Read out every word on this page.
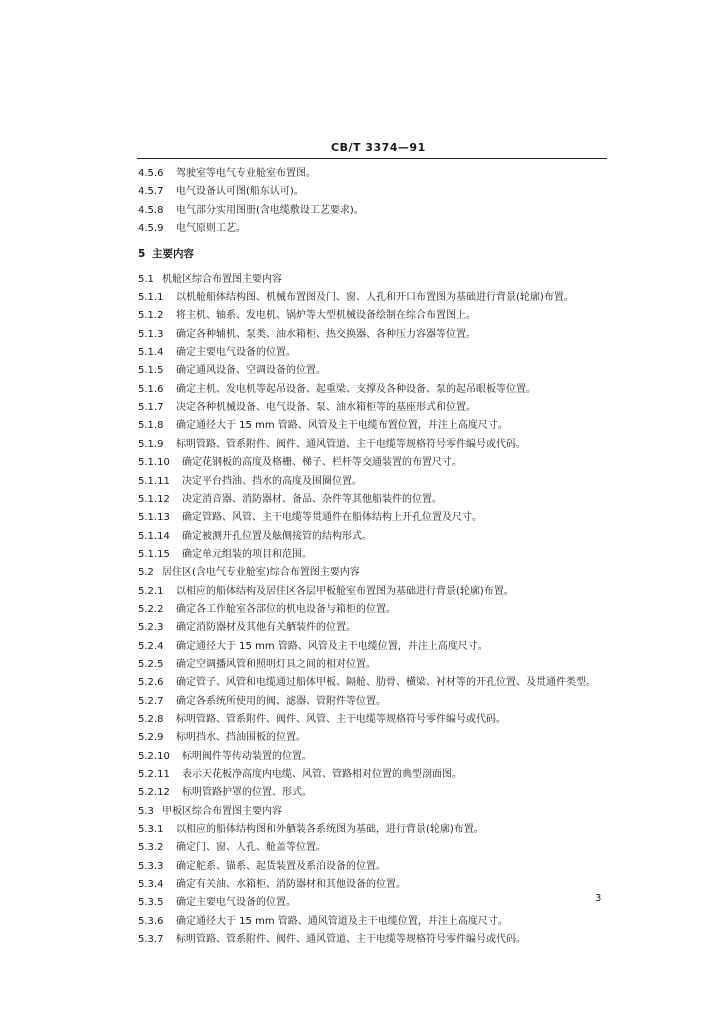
CB/T 3374—91
4.5.6 驾驶室等电气专业舱室布置图。
4.5.7 电气设备认可图(船东认可)。
4.5.8 电气部分实用图册(含电缆敷设工艺要求)。
4.5.9 电气原则工艺。
5 主要内容
5.1 机舱区综合布置图主要内容
5.1.1 以机舱船体结构图、机械布置图及门、窗、人孔和开口布置图为基础进行背景(轮廓)布置。
5.1.2 将主机、轴系、发电机、锅炉等大型机械设备绘制在综合布置图上。
5.1.3 确定各种辅机、泵类、油水箱柜、热交换器、各种压力容器等位置。
5.1.4 确定主要电气设备的位置。
5.1.5 确定通风设备、空调设备的位置。
5.1.6 确定主机、发电机等起吊设备、起重梁、支撑及各种设备、泵的起吊眼板等位置。
5.1.7 决定各种机械设备、电气设备、泵、油水箱柜等的基座形式和位置。
5.1.8 确定通径大于 15 mm 管路、风管及主干电缆布置位置，并注上高度尺寸。
5.1.9 标明管路、管系附件、阀件、通风管道、主干电缆等规格符号零件编号或代码。
5.1.10 确定花钢板的高度及格栅、梯子、栏杆等交通装置的布置尺寸。
5.1.11 决定平台挡油、挡水的高度及围圈位置。
5.1.12 决定消音器、消防器材、备品、杂件等其他船装件的位置。
5.1.13 确定管路、风管、主干电缆等贯通件在船体结构上开孔位置及尺寸。
5.1.14 确定被测开孔位置及舷侧接管的结构形式。
5.1.15 确定单元组装的项目和范围。
5.2 居住区(含电气专业舱室)综合布置图主要内容
5.2.1 以相应的船体结构及居住区各层甲板舱室布置图为基础进行背景(轮廓)布置。
5.2.2 确定各工作舱室各部位的机电设备与箱柜的位置。
5.2.3 确定消防器材及其他有关舾装件的位置。
5.2.4 确定通径大于 15 mm 管路、风管及主干电缆位置，并注上高度尺寸。
5.2.5 确定空调播风管和照明灯具之间的相对位置。
5.2.6 确定管子、风管和电缆通过船体甲板、隔舱、肋骨、横梁、衬材等的开孔位置、及贯通件类型。
5.2.7 确定各系统所使用的阀、滤器、管附件等位置。
5.2.8 标明管路、管系附件、阀件、风管、主干电缆等规格符号零件编号或代码。
5.2.9 标明挡水、挡油围板的位置。
5.2.10 标明阀件等传动装置的位置。
5.2.11 表示天花板净高度内电缆、风管、管路相对位置的典型剖面图。
5.2.12 标明管路护罩的位置、形式。
5.3 甲板区综合布置图主要内容
5.3.1 以相应的船体结构图和外舾装各系统图为基础，进行背景(轮廓)布置。
5.3.2 确定门、窗、人孔、舱盖等位置。
5.3.3 确定舵系、锚系、起货装置及系泊设备的位置。
5.3.4 确定有关油、水箱柜、消防器材和其他设备的位置。
5.3.5 确定主要电气设备的位置。
5.3.6 确定通径大于 15 mm 管路、通风管道及主干电缆位置，并注上高度尺寸。
5.3.7 标明管路、管系附件、阀件、通风管道、主干电缆等规格符号零件编号或代码。
3
